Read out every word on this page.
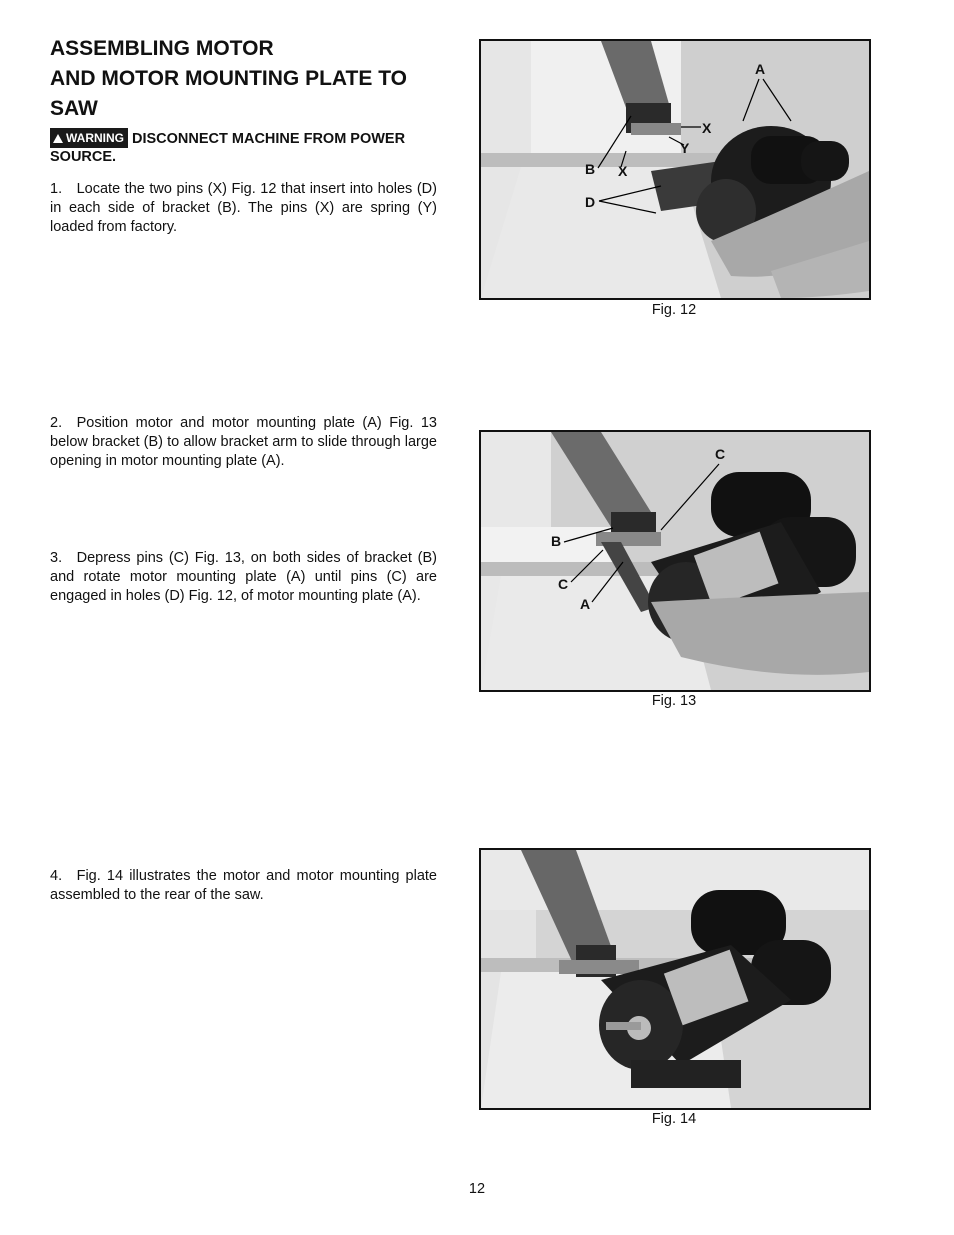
ASSEMBLING MOTOR
AND MOTOR MOUNTING PLATE TO
SAW
WARNING DISCONNECT MACHINE FROM POWER SOURCE.

1. Locate the two pins (X) Fig. 12 that insert into holes (D) in each side of bracket (B). The pins (X) are spring (Y) loaded from factory.

2. Position motor and motor mounting plate (A) Fig. 13 below bracket (B) to allow bracket arm to slide through large opening in motor mounting plate (A).

3. Depress pins (C) Fig. 13, on both sides of bracket (B) and rotate motor mounting plate (A) until pins (C) are engaged in holes (D) Fig. 12, of motor mounting plate (A).

4. Fig. 14 illustrates the motor and motor mounting plate assembled to the rear of the saw.

A
X
Y
B X
D
Fig. 12
C
B
C
A
Fig. 13
Fig. 14
12
